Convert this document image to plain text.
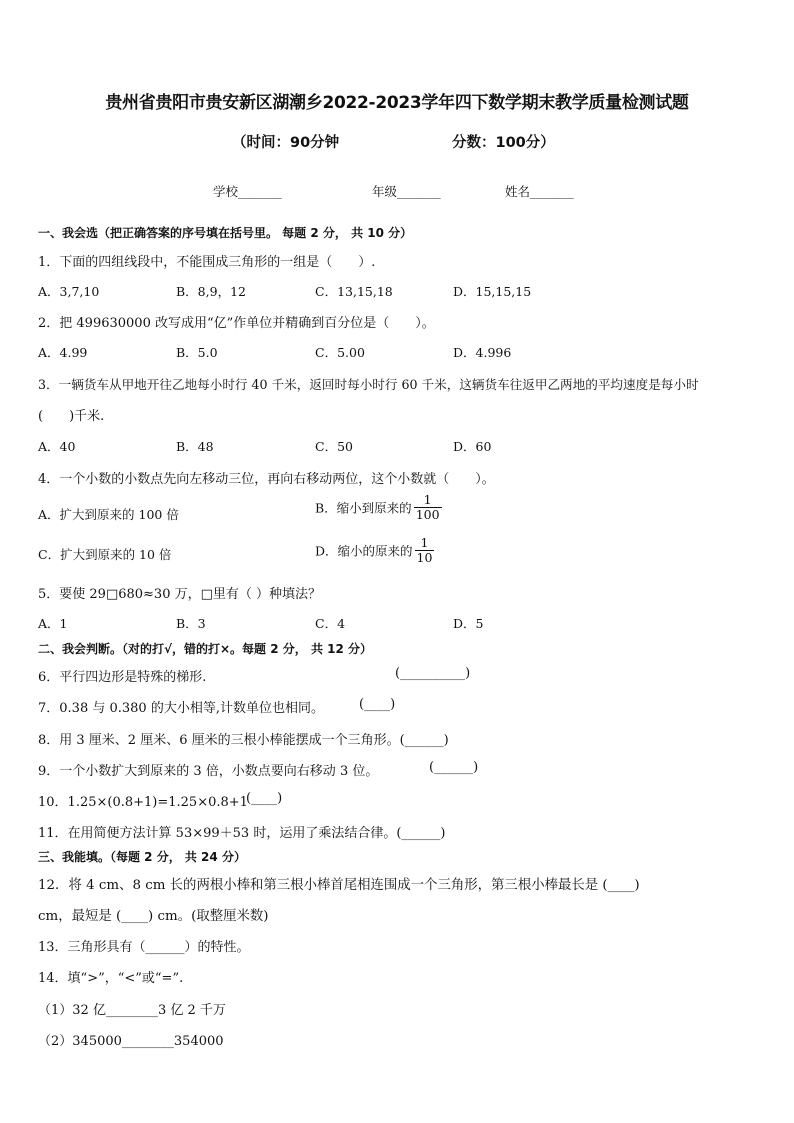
贵州省贵阳市贵安新区湖潮乡2022-2023学年四下数学期末教学质量检测试题
（时间：90分钟	分数：100分）
学校_______	年级_______	姓名_______
一、我会选（把正确答案的序号填在括号里。 每题 2 分， 共 10 分）
1．下面的四组线段中，不能围成三角形的一组是（　　）.
A．3,7,10	B．8,9，12	C．13,15,18	D．15,15,15
2．把 499630000 改写成用“亿”作单位并精确到百分位是（　　）。
A．4.99	B．5.0	C．5.00	D．4.996
3．一辆货车从甲地开往乙地每小时行 40 千米，返回时每小时行 60 千米，这辆货车往返甲乙两地的平均速度是每小时
(　　)千米.
A．40	B．48	C．50	D．60
4．一个小数的小数点先向左移动三位，再向右移动两位，这个小数就（　　）。
A．扩大到原来的 100 倍	B．缩小到原来的 $\frac{1}{100}$
C．扩大到原来的 10 倍	D．缩小的原来的 $\frac{1}{10}$
5．要使 29□680≈30 万，□里有（ ）种填法？
A．1	B．3	C．4	D．5
二、我会判断。（对的打√，错的打×。每题 2 分， 共 12 分）
6．平行四边形是特殊的梯形.	(__________)
7．0.38 与 0.380 的大小相等,计数单位也相同。	(____)
8．用 3 厘米、2 厘米、6 厘米的三根小棒能摆成一个三角形。(______)
9．一个小数扩大到原来的 3 倍，小数点要向右移动 3 位。	(______)
10．1.25×(0.8+1)=1.25×0.8+1
(____)
11．在用简便方法计算 53×99＋53 时，运用了乘法结合律。(______)
三、我能填。（每题 2 分， 共 24 分）
12．将 4 cm、8 cm 长的两根小棒和第三根小棒首尾相连围成一个三角形，第三根小棒最长是 (____)
cm，最短是 (____) cm。(取整厘米数)
13．三角形具有（______）的特性。
14．填“>”，“<”或“=”.
（1）32 亿________3 亿 2 千万
（2）345000________354000
